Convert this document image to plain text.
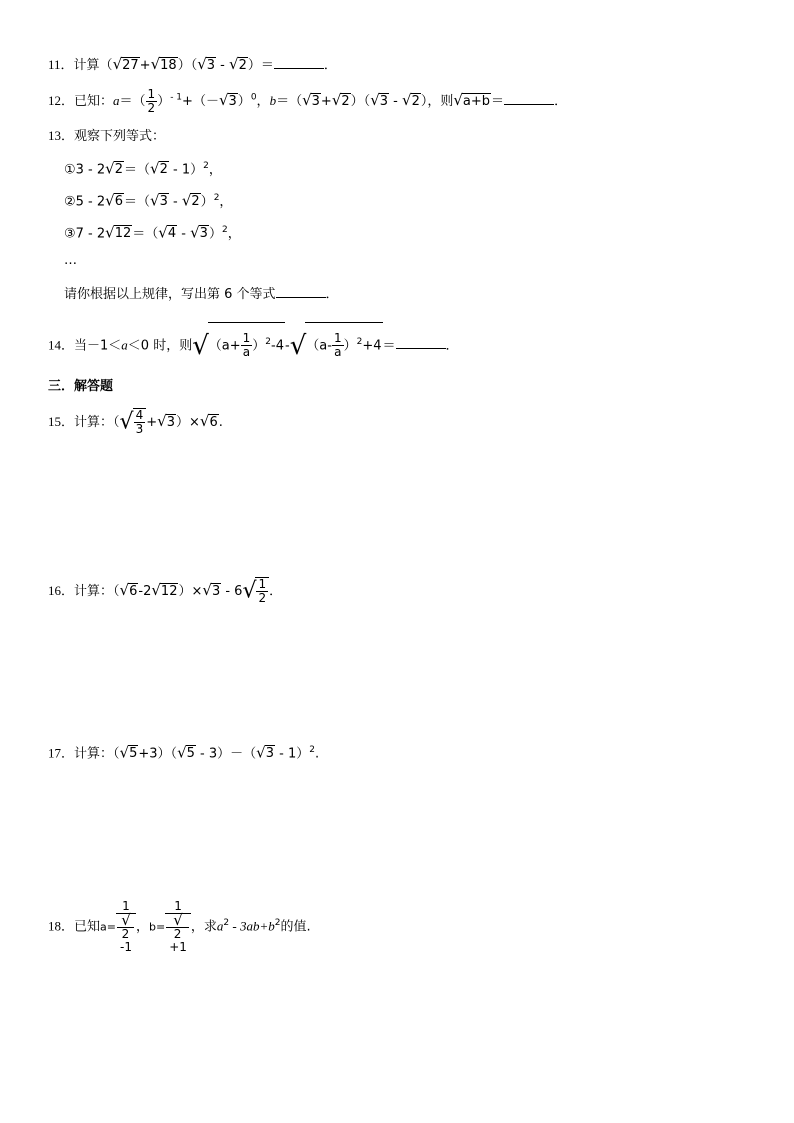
11．计算（√27+√18）（√3 - √2）＝	．
12．已知：$a=( \frac{1}{2} )^{- 1}+(-√3)^0$，b＝（√3+√2）（√3 - √2），则√a+b＝	．
13．观察下列等式：
①3 - 2√2＝（√2 - 1）$^2$，
②5 - 2√6＝（√3 - √2）$^2$，
③7 - 2√12＝（√4 - √3）$^2$，
…
请你根据以上规律，写出第 6 个等式	．
14．当－1＜a＜0 时，则$√(a+ \frac{1}{a} )^2-4-√(a- \frac{1}{a} )^2+4=$	．
三．解答题
15．计算：（√ $\frac{4}{3} +√3)\times√6$.
16．计算：$(√6-2√12)\times√3 - 6√ \frac{1}{2}$ ．
17．计算：（√5+3）（√5 - 3）－（√3 - 1）$^2$.
18．已知a= 1
√
2
-1 ，b= 1
√
2
+1 ，求$a^2 - 3ab+b^2$的值.
